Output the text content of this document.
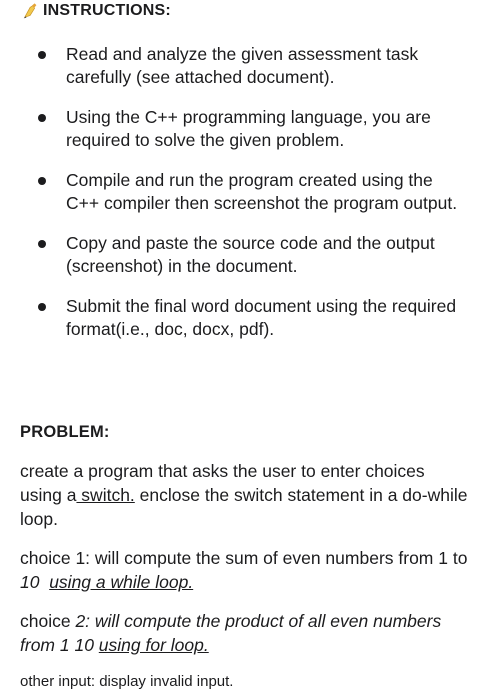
INSTRUCTIONS:
Read and analyze the given assessment task carefully (see attached document).
Using the C++ programming language, you are required to solve the given problem.
Compile and run the program created using the C++ compiler then screenshot the program output.
Copy and paste the source code and the output (screenshot) in the document.
Submit the final word document using the required format(i.e., doc, docx, pdf).
PROBLEM:

create a program that asks the user to enter choices using a switch. enclose the switch statement in a do-while loop.

choice 1: will compute the sum of even numbers from 1 to 10 using a while loop.

choice 2: will compute the product of all even numbers from 1 10 using for loop.

other input: display invalid input.
